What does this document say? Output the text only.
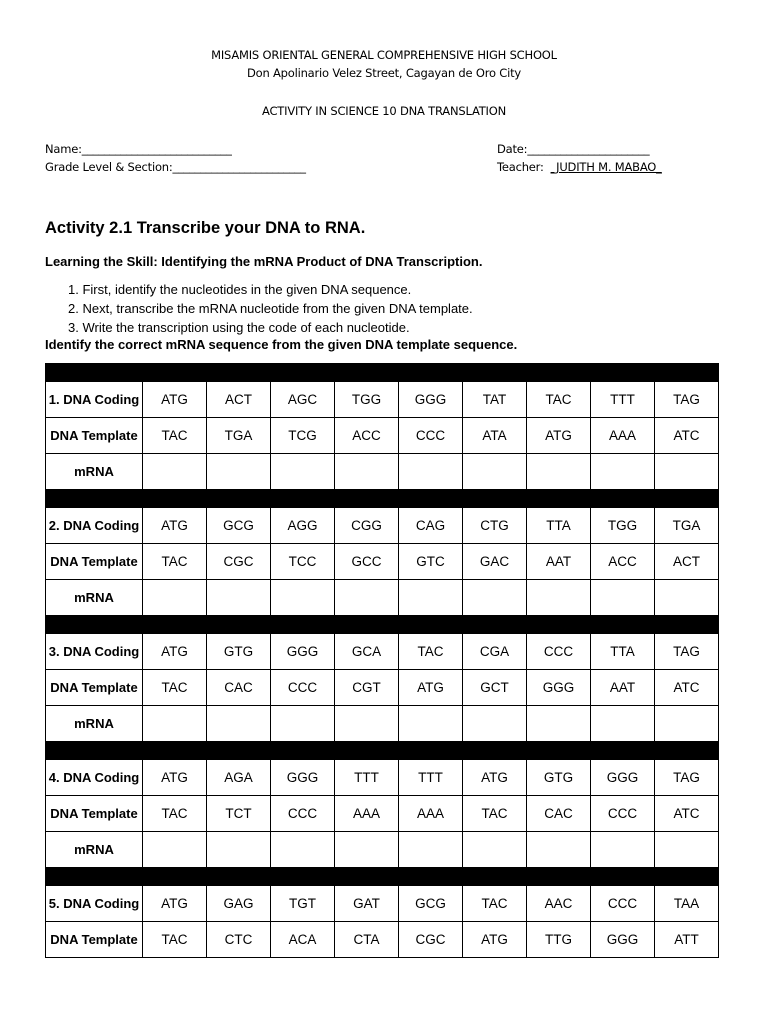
MISAMIS ORIENTAL GENERAL COMPREHENSIVE HIGH SCHOOL
Don Apolinario Velez Street, Cagayan de Oro City
ACTIVITY IN SCIENCE 10 DNA TRANSLATION
Name:___________________________
Grade Level & Section:________________________
Date:______________________
Teacher:  _JUDITH M. MABAO_
Activity 2.1 Transcribe your DNA to RNA.
Learning the Skill: Identifying the mRNA Product of DNA Transcription.
1. First, identify the nucleotides in the given DNA sequence.
2. Next, transcribe the mRNA nucleotide from the given DNA template.
3. Write the transcription using the code of each nucleotide.
Identify the correct mRNA sequence from the given DNA template sequence.

1. DNA Coding	ATG	ACT	AGC	TGG	GGG	TAT	TAC	TTT	TAG
DNA Template	TAC	TGA	TCG	ACC	CCC	ATA	ATG	AAA	ATC
mRNA									

2. DNA Coding	ATG	GCG	AGG	CGG	CAG	CTG	TTA	TGG	TGA
DNA Template	TAC	CGC	TCC	GCC	GTC	GAC	AAT	ACC	ACT
mRNA									

3. DNA Coding	ATG	GTG	GGG	GCA	TAC	CGA	CCC	TTA	TAG
DNA Template	TAC	CAC	CCC	CGT	ATG	GCT	GGG	AAT	ATC
mRNA									

4. DNA Coding	ATG	AGA	GGG	TTT	TTT	ATG	GTG	GGG	TAG
DNA Template	TAC	TCT	CCC	AAA	AAA	TAC	CAC	CCC	ATC
mRNA									

5. DNA Coding	ATG	GAG	TGT	GAT	GCG	TAC	AAC	CCC	TAA
DNA Template	TAC	CTC	ACA	CTA	CGC	ATG	TTG	GGG	ATT
